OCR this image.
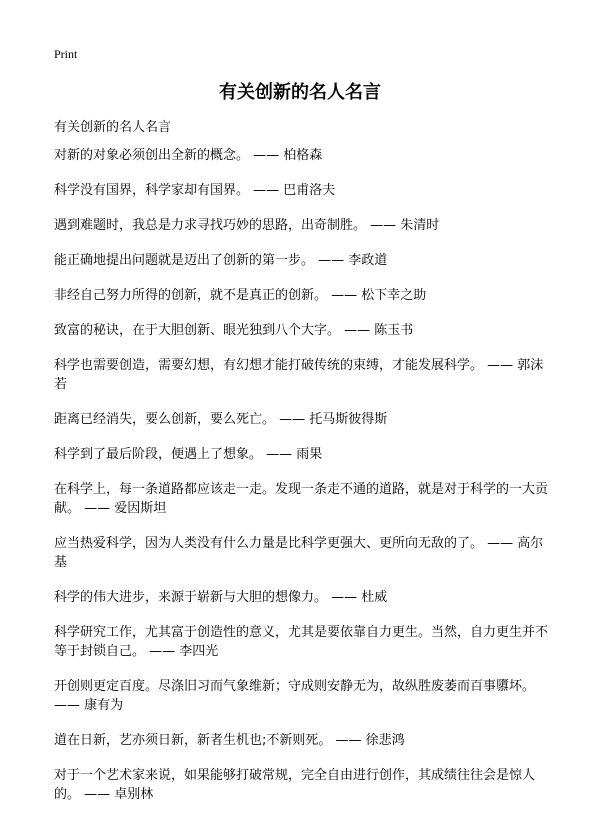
Print
有关创新的名人名言

有关创新的名人名言

对新的对象必须创出全新的概念。 —— 柏格森

科学没有国界，科学家却有国界。 —— 巴甫洛夫

遇到难题时，我总是力求寻找巧妙的思路，出奇制胜。 —— 朱清时

能正确地提出问题就是迈出了创新的第一步。 —— 李政道

非经自己努力所得的创新，就不是真正的创新。 —— 松下幸之助

致富的秘诀，在于大胆创新、眼光独到八个大字。 —— 陈玉书

科学也需要创造，需要幻想，有幻想才能打破传统的束缚，才能发展科学。 —— 郭沫若

距离已经消失，要么创新，要么死亡。 —— 托马斯彼得斯

科学到了最后阶段，便遇上了想象。 —— 雨果

在科学上，每一条道路都应该走一走。发现一条走不通的道路，就是对于科学的一大贡献。 —— 爱因斯坦

应当热爱科学，因为人类没有什么力量是比科学更强大、更所向无敌的了。 —— 高尔基

科学的伟大进步，来源于崭新与大胆的想像力。 —— 杜威

科学研究工作，尤其富于创造性的意义，尤其是要依靠自力更生。当然，自力更生并不等于封锁自己。 —— 李四光

开创则更定百度。尽涤旧习而气象维新；守成则安静无为，故纵胜废萎而百事隳坏。 —— 康有为

道在日新，艺亦须日新，新者生机也;不新则死。 —— 徐悲鸿

对于一个艺术家来说，如果能够打破常规，完全自由进行创作，其成绩往往会是惊人的。 —— 卓别林
